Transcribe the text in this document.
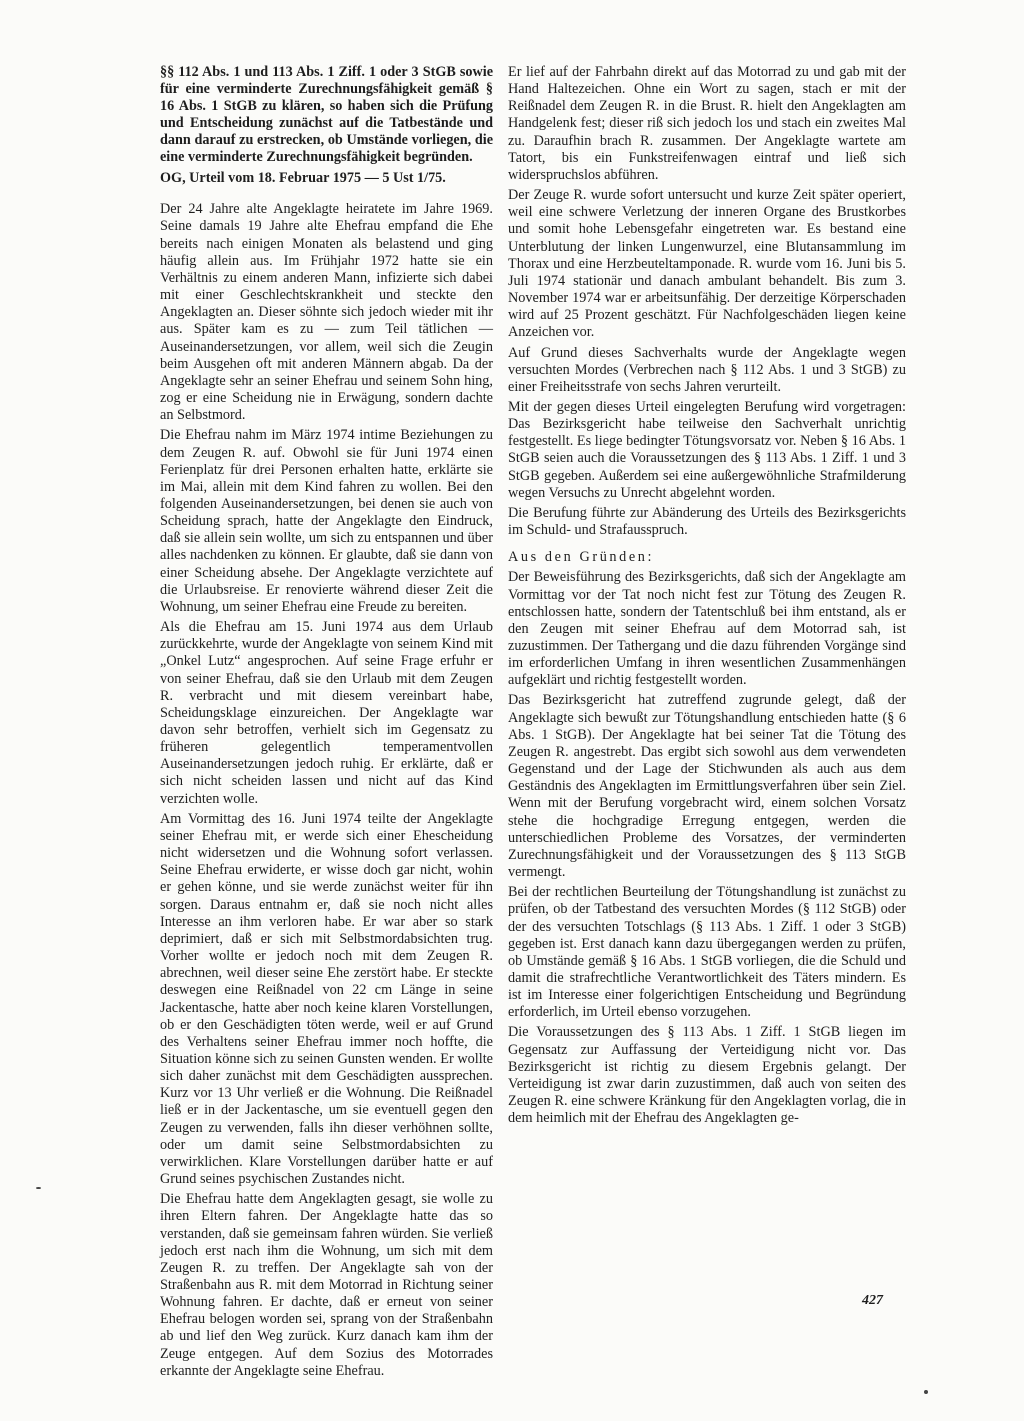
§§ 112 Abs. 1 und 113 Abs. 1 Ziff. 1 oder 3 StGB sowie für eine verminderte Zurechnungsfähigkeit gemäß § 16 Abs. 1 StGB zu klären, so haben sich die Prüfung und Entscheidung zunächst auf die Tatbestände und dann darauf zu erstrecken, ob Umstände vorliegen, die eine verminderte Zurechnungsfähigkeit begründen.

OG, Urteil vom 18. Februar 1975 — 5 Ust 1/75.

Der 24 Jahre alte Angeklagte heiratete im Jahre 1969. Seine damals 19 Jahre alte Ehefrau empfand die Ehe bereits nach einigen Monaten als belastend und ging häufig allein aus. Im Frühjahr 1972 hatte sie ein Verhältnis zu einem anderen Mann, infizierte sich dabei mit einer Geschlechtskrankheit und steckte den Angeklagten an. Dieser söhnte sich jedoch wieder mit ihr aus. Später kam es zu — zum Teil tätlichen — Auseinandersetzungen, vor allem, weil sich die Zeugin beim Ausgehen oft mit anderen Männern abgab. Da der Angeklagte sehr an seiner Ehefrau und seinem Sohn hing, zog er eine Scheidung nie in Erwägung, sondern dachte an Selbstmord.

Die Ehefrau nahm im März 1974 intime Beziehungen zu dem Zeugen R. auf. Obwohl sie für Juni 1974 einen Ferienplatz für drei Personen erhalten hatte, erklärte sie im Mai, allein mit dem Kind fahren zu wollen. Bei den folgenden Auseinandersetzungen, bei denen sie auch von Scheidung sprach, hatte der Angeklagte den Eindruck, daß sie allein sein wollte, um sich zu entspannen und über alles nachdenken zu können. Er glaubte, daß sie dann von einer Scheidung absehe. Der Angeklagte verzichtete auf die Urlaubsreise. Er renovierte während dieser Zeit die Wohnung, um seiner Ehefrau eine Freude zu bereiten.

Als die Ehefrau am 15. Juni 1974 aus dem Urlaub zurückkehrte, wurde der Angeklagte von seinem Kind mit „Onkel Lutz“ angesprochen. Auf seine Frage erfuhr er von seiner Ehefrau, daß sie den Urlaub mit dem Zeugen R. verbracht und mit diesem vereinbart habe, Scheidungsklage einzureichen. Der Angeklagte war davon sehr betroffen, verhielt sich im Gegensatz zu früheren gelegentlich temperamentvollen Auseinandersetzungen jedoch ruhig. Er erklärte, daß er sich nicht scheiden lassen und nicht auf das Kind verzichten wolle.

Am Vormittag des 16. Juni 1974 teilte der Angeklagte seiner Ehefrau mit, er werde sich einer Ehescheidung nicht widersetzen und die Wohnung sofort verlassen. Seine Ehefrau erwiderte, er wisse doch gar nicht, wohin er gehen könne, und sie werde zunächst weiter für ihn sorgen. Daraus entnahm er, daß sie noch nicht alles Interesse an ihm verloren habe. Er war aber so stark deprimiert, daß er sich mit Selbstmordabsichten trug. Vorher wollte er jedoch noch mit dem Zeugen R. abrechnen, weil dieser seine Ehe zerstört habe. Er steckte deswegen eine Reißnadel von 22 cm Länge in seine Jackentasche, hatte aber noch keine klaren Vorstellungen, ob er den Geschädigten töten werde, weil er auf Grund des Verhaltens seiner Ehefrau immer noch hoffte, die Situation könne sich zu seinen Gunsten wenden. Er wollte sich daher zunächst mit dem Geschädigten aussprechen. Kurz vor 13 Uhr verließ er die Wohnung. Die Reißnadel ließ er in der Jackentasche, um sie eventuell gegen den Zeugen zu verwenden, falls ihn dieser verhöhnen sollte, oder um damit seine Selbstmordabsichten zu verwirklichen. Klare Vorstellungen darüber hatte er auf Grund seines psychischen Zustandes nicht.

Die Ehefrau hatte dem Angeklagten gesagt, sie wolle zu ihren Eltern fahren. Der Angeklagte hatte das so verstanden, daß sie gemeinsam fahren würden. Sie verließ jedoch erst nach ihm die Wohnung, um sich mit dem Zeugen R. zu treffen. Der Angeklagte sah von der Straßenbahn aus R. mit dem Motorrad in Richtung seiner Wohnung fahren. Er dachte, daß er erneut von seiner Ehefrau belogen worden sei, sprang von der Straßenbahn ab und lief den Weg zurück. Kurz danach kam ihm der Zeuge entgegen. Auf dem Sozius des Motorrades erkannte der Angeklagte seine Ehefrau.

Er lief auf der Fahrbahn direkt auf das Motorrad zu und gab mit der Hand Haltezeichen. Ohne ein Wort zu sagen, stach er mit der Reißnadel dem Zeugen R. in die Brust. R. hielt den Angeklagten am Handgelenk fest; dieser riß sich jedoch los und stach ein zweites Mal zu. Daraufhin brach R. zusammen. Der Angeklagte wartete am Tatort, bis ein Funkstreifenwagen eintraf und ließ sich widerspruchslos abführen.

Der Zeuge R. wurde sofort untersucht und kurze Zeit später operiert, weil eine schwere Verletzung der inneren Organe des Brustkorbes und somit hohe Lebensgefahr eingetreten war. Es bestand eine Unterblutung der linken Lungenwurzel, eine Blutansammlung im Thorax und eine Herzbeuteltamponade. R. wurde vom 16. Juni bis 5. Juli 1974 stationär und danach ambulant behandelt. Bis zum 3. November 1974 war er arbeitsunfähig. Der derzeitige Körperschaden wird auf 25 Prozent geschätzt. Für Nachfolgeschäden liegen keine Anzeichen vor.

Auf Grund dieses Sachverhalts wurde der Angeklagte wegen versuchten Mordes (Verbrechen nach § 112 Abs. 1 und 3 StGB) zu einer Freiheitsstrafe von sechs Jahren verurteilt.

Mit der gegen dieses Urteil eingelegten Berufung wird vorgetragen: Das Bezirksgericht habe teilweise den Sachverhalt unrichtig festgestellt. Es liege bedingter Tötungsvorsatz vor. Neben § 16 Abs. 1 StGB seien auch die Voraussetzungen des § 113 Abs. 1 Ziff. 1 und 3 StGB gegeben. Außerdem sei eine außergewöhnliche Strafmilderung wegen Versuchs zu Unrecht abgelehnt worden.

Die Berufung führte zur Abänderung des Urteils des Bezirksgerichts im Schuld- und Strafausspruch.

Aus den Gründen:

Der Beweisführung des Bezirksgerichts, daß sich der Angeklagte am Vormittag vor der Tat noch nicht fest zur Tötung des Zeugen R. entschlossen hatte, sondern der Tatentschluß bei ihm entstand, als er den Zeugen mit seiner Ehefrau auf dem Motorrad sah, ist zuzustimmen. Der Tathergang und die dazu führenden Vorgänge sind im erforderlichen Umfang in ihren wesentlichen Zusammenhängen aufgeklärt und richtig festgestellt worden.

Das Bezirksgericht hat zutreffend zugrunde gelegt, daß der Angeklagte sich bewußt zur Tötungshandlung entschieden hatte (§ 6 Abs. 1 StGB). Der Angeklagte hat bei seiner Tat die Tötung des Zeugen R. angestrebt. Das ergibt sich sowohl aus dem verwendeten Gegenstand und der Lage der Stichwunden als auch aus dem Geständnis des Angeklagten im Ermittlungsverfahren über sein Ziel. Wenn mit der Berufung vorgebracht wird, einem solchen Vorsatz stehe die hochgradige Erregung entgegen, werden die unterschiedlichen Probleme des Vorsatzes, der verminderten Zurechnungsfähigkeit und der Voraussetzungen des § 113 StGB vermengt.

Bei der rechtlichen Beurteilung der Tötungshandlung ist zunächst zu prüfen, ob der Tatbestand des versuchten Mordes (§ 112 StGB) oder der des versuchten Totschlags (§ 113 Abs. 1 Ziff. 1 oder 3 StGB) gegeben ist. Erst danach kann dazu übergegangen werden zu prüfen, ob Umstände gemäß § 16 Abs. 1 StGB vorliegen, die die Schuld und damit die strafrechtliche Verantwortlichkeit des Täters mindern. Es ist im Interesse einer folgerichtigen Entscheidung und Begründung erforderlich, im Urteil ebenso vorzugehen.

Die Voraussetzungen des § 113 Abs. 1 Ziff. 1 StGB liegen im Gegensatz zur Auffassung der Verteidigung nicht vor. Das Bezirksgericht ist richtig zu diesem Ergebnis gelangt. Der Verteidigung ist zwar darin zuzustimmen, daß auch von seiten des Zeugen R. eine schwere Kränkung für den Angeklagten vorlag, die in dem heimlich mit der Ehefrau des Angeklagten ge-

427
